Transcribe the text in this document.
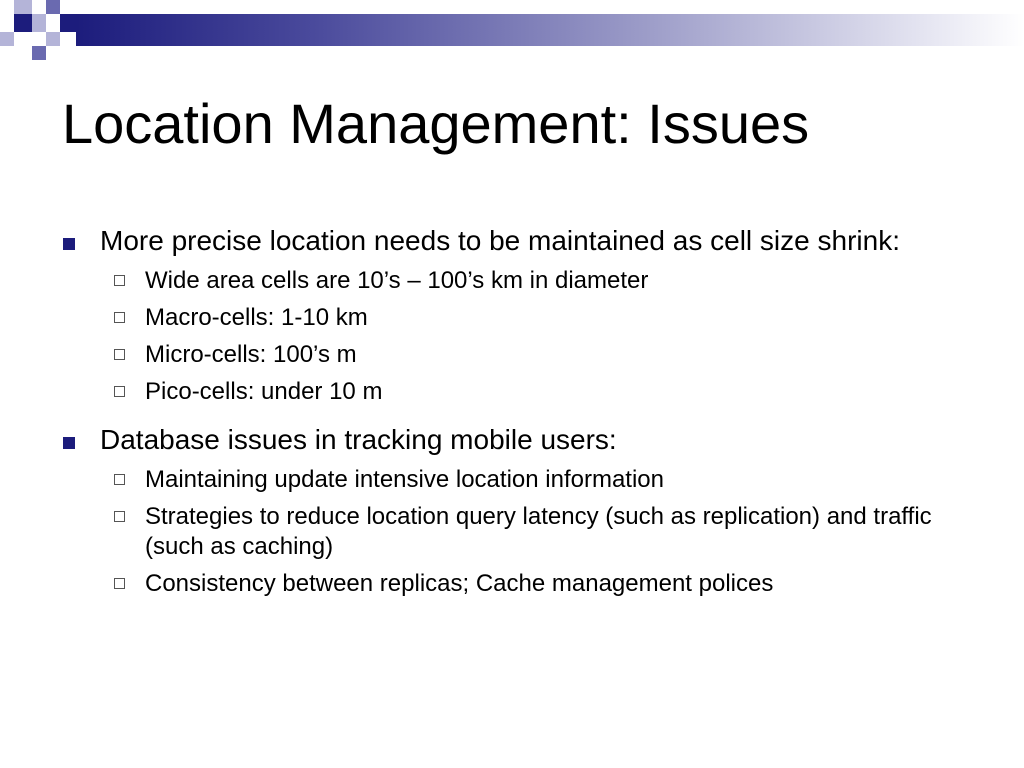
Location Management: Issues

More precise location needs to be maintained as cell size shrink:

Wide area cells are 10’s – 100’s km in diameter

Macro-cells: 1-10 km

Micro-cells: 100’s m

Pico-cells: under 10 m

Database issues in tracking mobile users:

Maintaining update intensive location information

Strategies to reduce location query latency (such as replication) and traffic (such as caching)

Consistency between replicas; Cache management polices
